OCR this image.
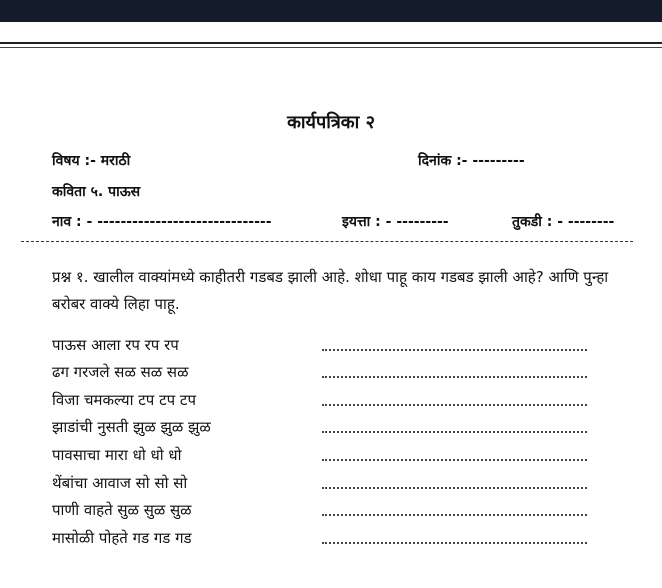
कार्यपत्रिका २
विषय :- मराठी	दिनांक :- ---------
कविता ५. पाऊस
नाव : - ------------------------------	इयत्ता : - ---------	तुकडी : - --------
प्रश्न १. खालील वाक्यांमध्ये काहीतरी गडबड झाली आहे. शोधा पाहू काय गडबड झाली आहे? आणि पुन्हा बरोबर वाक्ये लिहा पाहू.
पाऊस आला रप रप रप
ढग गरजले सळ सळ सळ
विजा चमकल्या टप टप टप
झाडांची नुसती झुळ झुळ झुळ
पावसाचा मारा धो धो धो
थेंबांचा आवाज सो सो सो
पाणी वाहते सुळ सुळ सुळ
मासोळी पोहते गड गड गड
